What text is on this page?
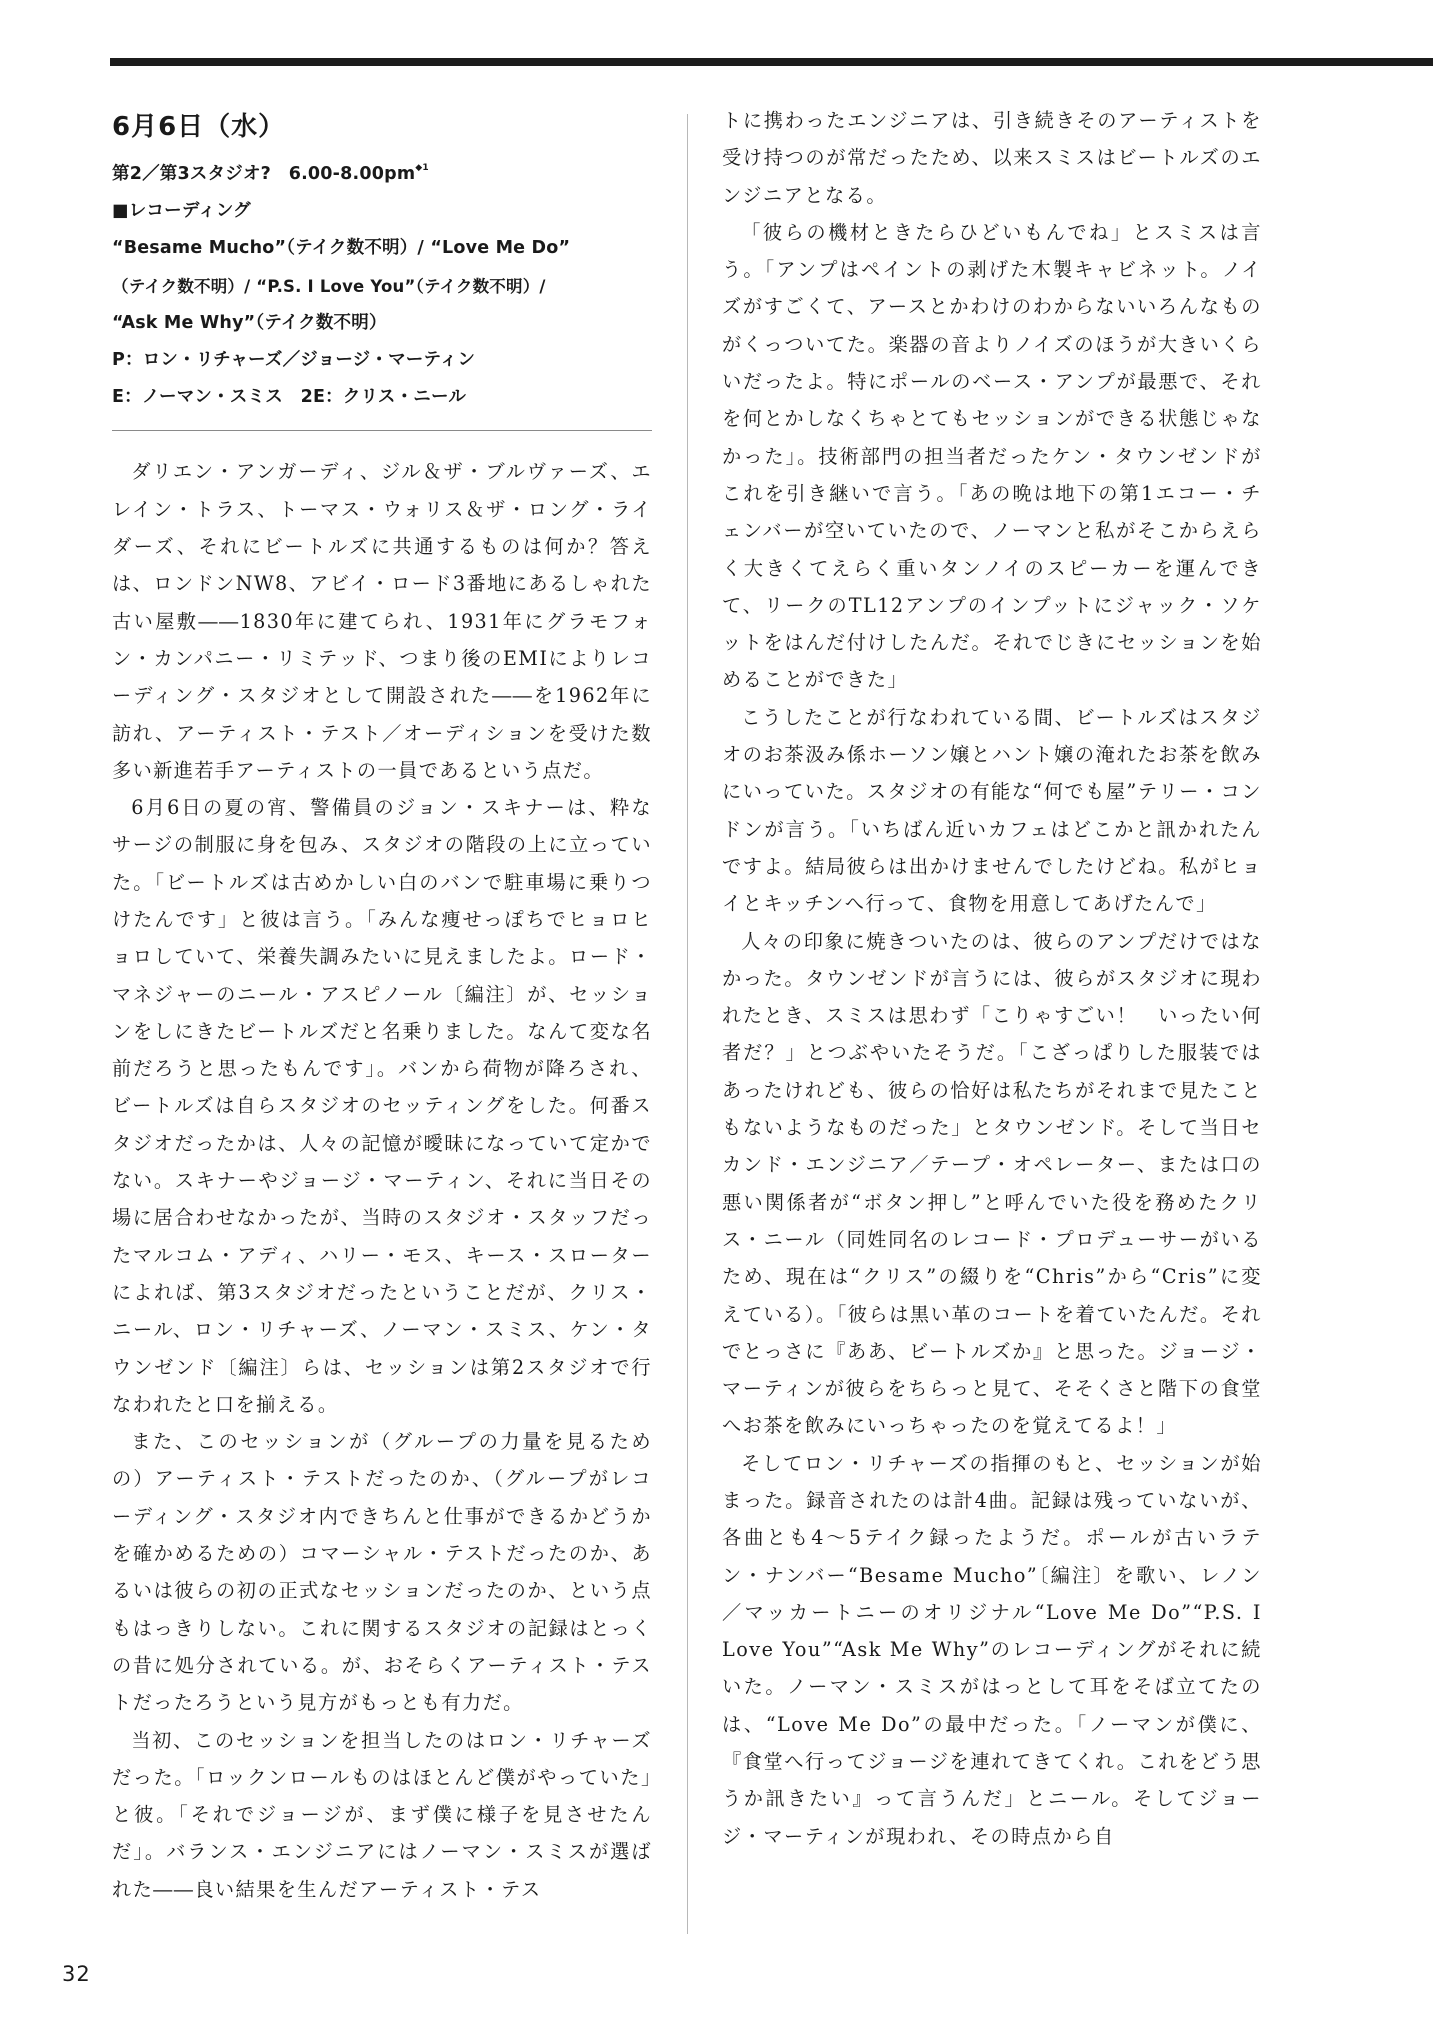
6月6日（水）
第2／第3スタジオ?　$6.00-8.00pm^{◆1}$
■レコーディング
“Besame Mucho”（テイク数不明）/ “Love Me Do”
（テイク数不明）/ “P.S. I Love You”（テイク数不明）/
“Ask Me Why”（テイク数不明）
P：ロン・リチャーズ／ジョージ・マーティン
E：ノーマン・スミス　2E：クリス・ニール

ダリエン・アンガーディ、ジル＆ザ・ブルヴァーズ、エレイン・トラス、トーマス・ウォリス＆ザ・ロング・ライダーズ、それにビートルズに共通するものは何か？答えは、ロンドンNW8、アビイ・ロード3番地にあるしゃれた古い屋敷――1830年に建てられ、1931年にグラモフォン・カンパニー・リミテッド、つまり後のEMIによりレコーディング・スタジオとして開設された――を1962年に訪れ、アーティスト・テスト／オーディションを受けた数多い新進若手アーティストの一員であるという点だ。

6月6日の夏の宵、警備員のジョン・スキナーは、粋なサージの制服に身を包み、スタジオの階段の上に立っていた。「ビートルズは古めかしい白のバンで駐車場に乗りつけたんです」と彼は言う。「みんな痩せっぽちでヒョロヒョロしていて、栄養失調みたいに見えましたよ。ロード・マネジャーのニール・アスピノール〔編注〕が、セッションをしにきたビートルズだと名乗りました。なんて変な名前だろうと思ったもんです」。バンから荷物が降ろされ、ビートルズは自らスタジオのセッティングをした。何番スタジオだったかは、人々の記憶が曖昧になっていて定かでない。スキナーやジョージ・マーティン、それに当日その場に居合わせなかったが、当時のスタジオ・スタッフだったマルコム・アディ、ハリー・モス、キース・スローターによれば、第3スタジオだったということだが、クリス・ニール、ロン・リチャーズ、ノーマン・スミス、ケン・タウンゼンド〔編注〕らは、セッションは第2スタジオで行なわれたと口を揃える。

また、このセッションが（グループの力量を見るための）アーティスト・テストだったのか、（グループがレコーディング・スタジオ内できちんと仕事ができるかどうかを確かめるための）コマーシャル・テストだったのか、あるいは彼らの初の正式なセッションだったのか、という点もはっきりしない。これに関するスタジオの記録はとっくの昔に処分されている。が、おそらくアーティスト・テストだったろうという見方がもっとも有力だ。

当初、このセッションを担当したのはロン・リチャーズだった。「ロックンロールものはほとんど僕がやっていた」と彼。「それでジョージが、まず僕に様子を見させたんだ」。バランス・エンジニアにはノーマン・スミスが選ばれた――良い結果を生んだアーティスト・テス

トに携わったエンジニアは、引き続きそのアーティストを受け持つのが常だったため、以来スミスはビートルズのエンジニアとなる。

「彼らの機材ときたらひどいもんでね」とスミスは言う。「アンプはペイントの剥げた木製キャビネット。ノイズがすごくて、アースとかわけのわからないいろんなものがくっついてた。楽器の音よりノイズのほうが大きいくらいだったよ。特にポールのベース・アンプが最悪で、それを何とかしなくちゃとてもセッションができる状態じゃなかった」。技術部門の担当者だったケン・タウンゼンドがこれを引き継いで言う。「あの晩は地下の第1エコー・チェンバーが空いていたので、ノーマンと私がそこからえらく大きくてえらく重いタンノイのスピーカーを運んできて、リークのTL12アンプのインプットにジャック・ソケットをはんだ付けしたんだ。それでじきにセッションを始めることができた」

こうしたことが行なわれている間、ビートルズはスタジオのお茶汲み係ホーソン嬢とハント嬢の淹れたお茶を飲みにいっていた。スタジオの有能な“何でも屋”テリー・コンドンが言う。「いちばん近いカフェはどこかと訊かれたんですよ。結局彼らは出かけませんでしたけどね。私がヒョイとキッチンへ行って、食物を用意してあげたんで」

人々の印象に焼きついたのは、彼らのアンプだけではなかった。タウンゼンドが言うには、彼らがスタジオに現われたとき、スミスは思わず「こりゃすごい！　いったい何者だ？」とつぶやいたそうだ。「こざっぱりした服装ではあったけれども、彼らの恰好は私たちがそれまで見たこともないようなものだった」とタウンゼンド。そして当日セカンド・エンジニア／テープ・オペレーター、または口の悪い関係者が“ボタン押し”と呼んでいた役を務めたクリス・ニール（同姓同名のレコード・プロデューサーがいるため、現在は“クリス”の綴りを“Chris”から“Cris”に変えている）。「彼らは黒い革のコートを着ていたんだ。それでとっさに『ああ、ビートルズか』と思った。ジョージ・マーティンが彼らをちらっと見て、そそくさと階下の食堂へお茶を飲みにいっちゃったのを覚えてるよ！」

そしてロン・リチャーズの指揮のもと、セッションが始まった。録音されたのは計4曲。記録は残っていないが、各曲とも4〜5テイク録ったようだ。ポールが古いラテン・ナンバー“Besame Mucho”〔編注〕を歌い、レノン／マッカートニーのオリジナル“Love Me Do”“P.S. I Love You”“Ask Me Why”のレコーディングがそれに続いた。ノーマン・スミスがはっとして耳をそば立てたのは、“Love Me Do”の最中だった。「ノーマンが僕に、『食堂へ行ってジョージを連れてきてくれ。これをどう思うか訊きたい』って言うんだ」とニール。そしてジョージ・マーティンが現われ、その時点から自

32
